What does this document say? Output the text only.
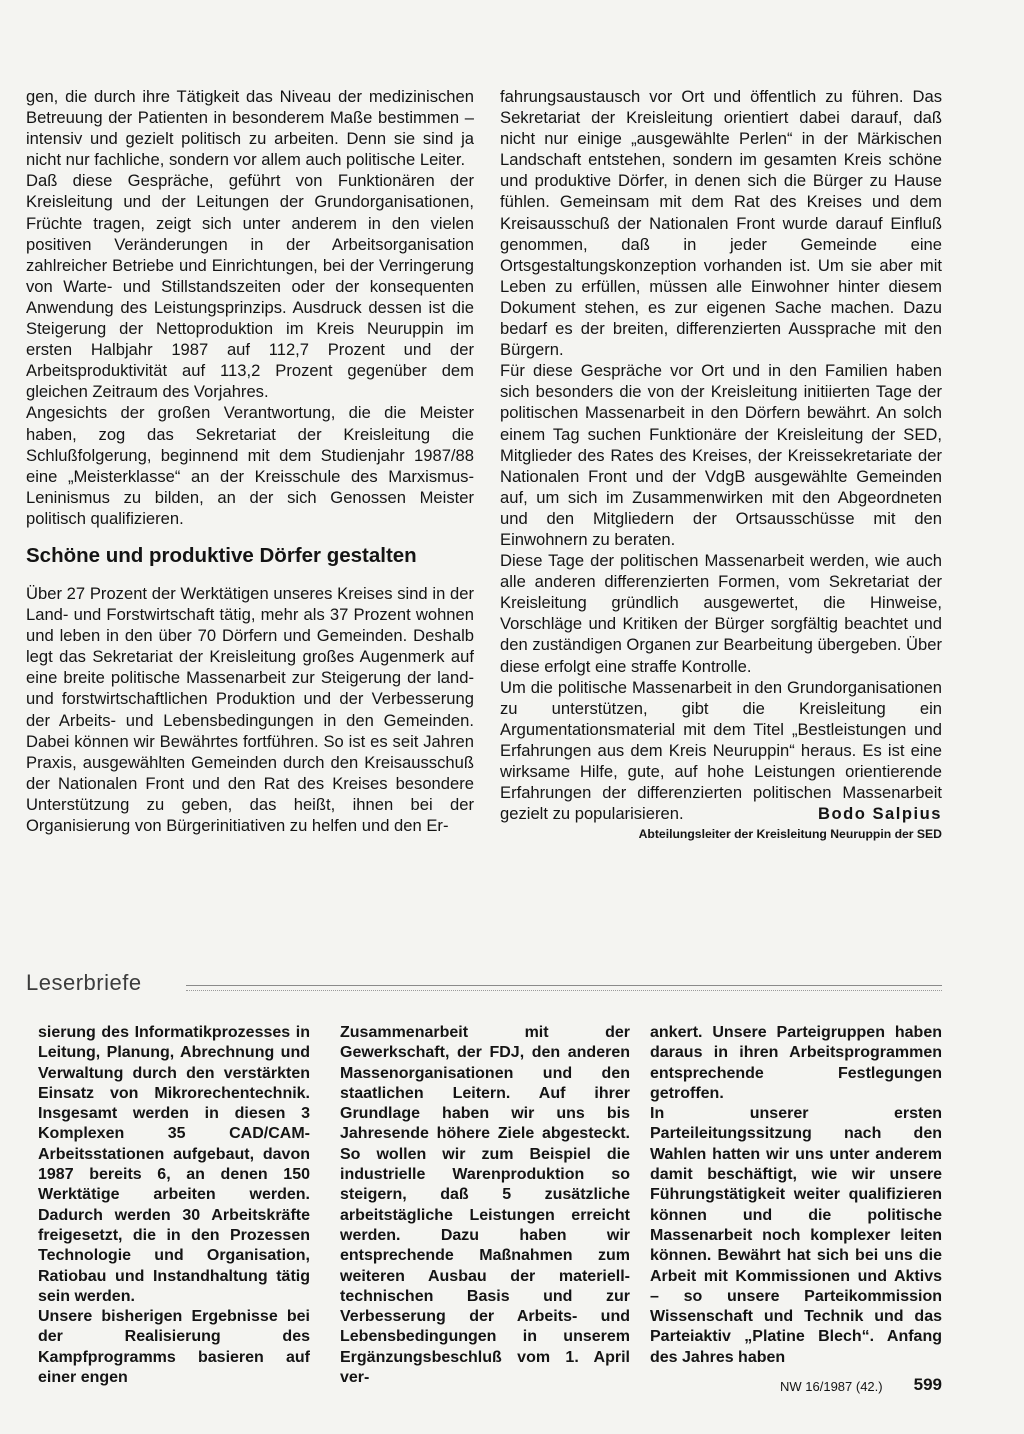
gen, die durch ihre Tätigkeit das Niveau der medizinischen Betreuung der Patienten in besonderem Maße bestimmen – intensiv und gezielt politisch zu arbeiten. Denn sie sind ja nicht nur fachliche, sondern vor allem auch politische Leiter.

Daß diese Gespräche, geführt von Funktionären der Kreisleitung und der Leitungen der Grundorganisationen, Früchte tragen, zeigt sich unter anderem in den vielen positiven Veränderungen in der Arbeitsorganisation zahlreicher Betriebe und Einrichtungen, bei der Verringerung von Warte- und Stillstandszeiten oder der konsequenten Anwendung des Leistungsprinzips. Ausdruck dessen ist die Steigerung der Nettoproduktion im Kreis Neuruppin im ersten Halbjahr 1987 auf 112,7 Prozent und der Arbeitsproduktivität auf 113,2 Prozent gegenüber dem gleichen Zeitraum des Vorjahres.

Angesichts der großen Verantwortung, die die Meister haben, zog das Sekretariat der Kreisleitung die Schlußfolgerung, beginnend mit dem Studienjahr 1987/88 eine „Meisterklasse“ an der Kreisschule des Marxismus-Leninismus zu bilden, an der sich Genossen Meister politisch qualifizieren.

Schöne und produktive Dörfer gestalten

Über 27 Prozent der Werktätigen unseres Kreises sind in der Land- und Forstwirtschaft tätig, mehr als 37 Prozent wohnen und leben in den über 70 Dörfern und Gemeinden. Deshalb legt das Sekretariat der Kreisleitung großes Augenmerk auf eine breite politische Massenarbeit zur Steigerung der land- und forstwirtschaftlichen Produktion und der Verbesserung der Arbeits- und Lebensbedingungen in den Gemeinden. Dabei können wir Bewährtes fortführen. So ist es seit Jahren Praxis, ausgewählten Gemeinden durch den Kreisausschuß der Nationalen Front und den Rat des Kreises besondere Unterstützung zu geben, das heißt, ihnen bei der Organisierung von Bürgerinitiativen zu helfen und den Er-

fahrungsaustausch vor Ort und öffentlich zu führen. Das Sekretariat der Kreisleitung orientiert dabei darauf, daß nicht nur einige „ausgewählte Perlen“ in der Märkischen Landschaft entstehen, sondern im gesamten Kreis schöne und produktive Dörfer, in denen sich die Bürger zu Hause fühlen. Gemeinsam mit dem Rat des Kreises und dem Kreisausschuß der Nationalen Front wurde darauf Einfluß genommen, daß in jeder Gemeinde eine Ortsgestaltungskonzeption vorhanden ist. Um sie aber mit Leben zu erfüllen, müssen alle Einwohner hinter diesem Dokument stehen, es zur eigenen Sache machen. Dazu bedarf es der breiten, differenzierten Aussprache mit den Bürgern.

Für diese Gespräche vor Ort und in den Familien haben sich besonders die von der Kreisleitung initiierten Tage der politischen Massenarbeit in den Dörfern bewährt. An solch einem Tag suchen Funktionäre der Kreisleitung der SED, Mitglieder des Rates des Kreises, der Kreissekretariate der Nationalen Front und der VdgB ausgewählte Gemeinden auf, um sich im Zusammenwirken mit den Abgeordneten und den Mitgliedern der Ortsausschüsse mit den Einwohnern zu beraten.

Diese Tage der politischen Massenarbeit werden, wie auch alle anderen differenzierten Formen, vom Sekretariat der Kreisleitung gründlich ausgewertet, die Hinweise, Vorschläge und Kritiken der Bürger sorgfältig beachtet und den zuständigen Organen zur Bearbeitung übergeben. Über diese erfolgt eine straffe Kontrolle.

Um die politische Massenarbeit in den Grundorganisationen zu unterstützen, gibt die Kreisleitung ein Argumentationsmaterial mit dem Titel „Bestleistungen und Erfahrungen aus dem Kreis Neuruppin“ heraus. Es ist eine wirksame Hilfe, gute, auf hohe Leistungen orientierende Erfahrungen der differenzierten politischen Massenarbeit gezielt zu popularisieren.	Bodo Salpius
Abteilungsleiter der Kreisleitung Neuruppin der SED
Leserbriefe

sierung des Informatikprozesses in Leitung, Planung, Abrechnung und Verwaltung durch den verstärkten Einsatz von Mikrorechentechnik. Insgesamt werden in diesen 3 Komplexen 35 CAD/CAM-Arbeitsstationen aufgebaut, davon 1987 bereits 6, an denen 150 Werktätige arbeiten werden. Dadurch werden 30 Arbeitskräfte freigesetzt, die in den Prozessen Technologie und Organisation, Ratiobau und Instandhaltung tätig sein werden.

Unsere bisherigen Ergebnisse bei der Realisierung des Kampfprogramms basieren auf einer engen

Zusammenarbeit mit der Gewerkschaft, der FDJ, den anderen Massenorganisationen und den staatlichen Leitern. Auf ihrer Grundlage haben wir uns bis Jahresende höhere Ziele abgesteckt. So wollen wir zum Beispiel die industrielle Warenproduktion so steigern, daß 5 zusätzliche arbeitstägliche Leistungen erreicht werden. Dazu haben wir entsprechende Maßnahmen zum weiteren Ausbau der materiell-technischen Basis und zur Verbesserung der Arbeits- und Lebensbedingungen in unserem Ergänzungsbeschluß vom 1. April ver-

ankert. Unsere Parteigruppen haben daraus in ihren Arbeitsprogrammen entsprechende Festlegungen getroffen.

In unserer ersten Parteileitungssitzung nach den Wahlen hatten wir uns unter anderem damit beschäftigt, wie wir unsere Führungstätigkeit weiter qualifizieren können und die politische Massenarbeit noch komplexer leiten können. Bewährt hat sich bei uns die Arbeit mit Kommissionen und Aktivs – so unsere Parteikommission Wissenschaft und Technik und das Parteiaktiv „Platine Blech“. Anfang des Jahres haben

NW 16/1987 (42.) 599
